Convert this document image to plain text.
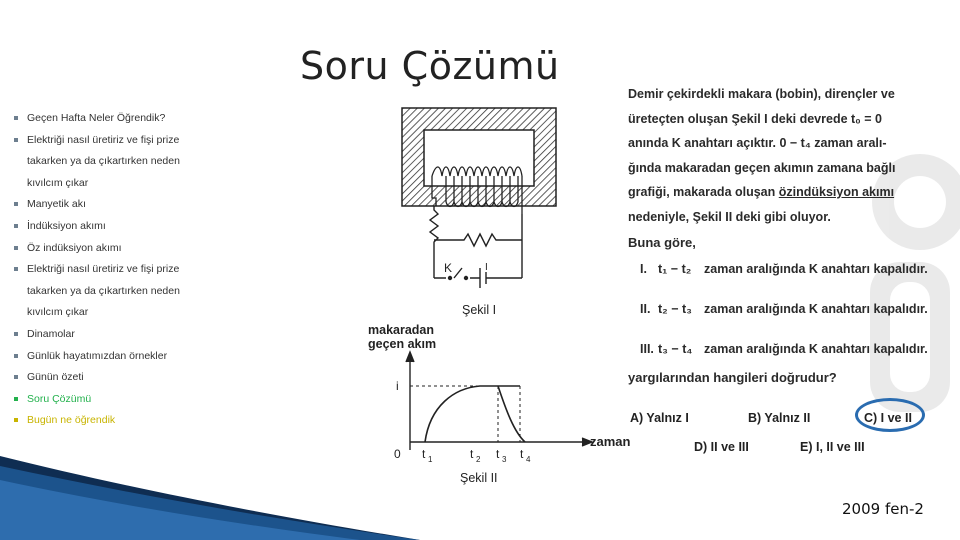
Soru Çözümü
Geçen Hafta Neler Öğrendik?
Elektriği nasıl üretiriz ve fişi prize
takarken ya da çıkartırken neden
kıvılcım çıkar
Manyetik akı
İndüksiyon akımı
Öz indüksiyon akımı
Elektriği nasıl üretiriz ve fişi prize
takarken ya da çıkartırken neden
kıvılcım çıkar
Dinamolar
Günlük hayatımızdan örnekler
Günün özeti
Soru Çözümü
Bugün ne öğrendik
K	I
Şekil I
makaradan
geçen akım
i
zaman
0 t 1	t 2 t 3 t 4
Şekil II
Demir çekirdekli makara (bobin), dirençler ve
üreteçten oluşan Şekil I deki devrede t₀ = 0
anında K anahtarı açıktır. 0 − t₄ zaman aralı-
ğında makaradan geçen akımın zamana bağlı
grafiği, makarada oluşan özindüksiyon akımı
nedeniyle, Şekil II deki gibi oluyor.
Buna göre,
I. t₁ − t₂ zaman aralığında K anahtarı kapalıdır.
II. t₂ − t₃ zaman aralığında K anahtarı kapalıdır.
III. t₃ − t₄ zaman aralığında K anahtarı kapalıdır.
yargılarından hangileri doğrudur?
A) Yalnız I	B) Yalnız II	C) I ve II
D) II ve III	E) I, II ve III
2009 fen-2
